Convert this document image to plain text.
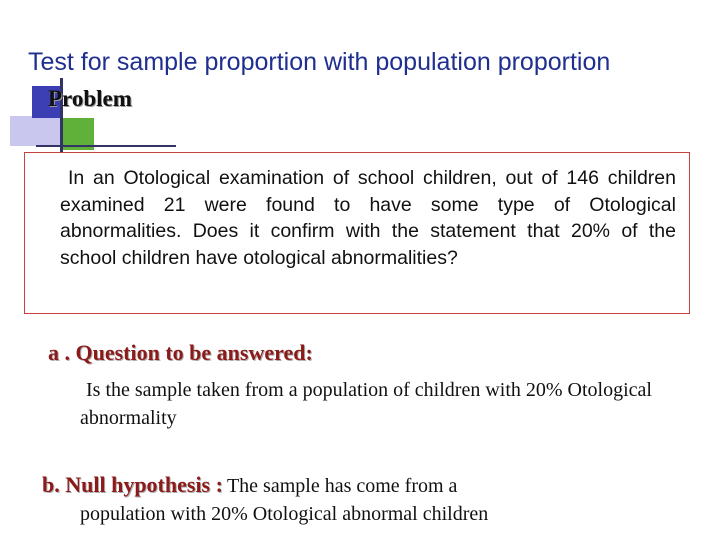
Test for sample proportion with population proportion
Problem

In an Otological examination of school children, out of 146 children examined 21 were found to have some type of Otological abnormalities. Does it confirm with the statement that 20% of the school children have otological abnormalities?

a . Question to be answered:

Is the sample taken from a population of children with 20% Otological abnormality

b. Null hypothesis : The sample has come from a
population with 20% Otological abnormal children
